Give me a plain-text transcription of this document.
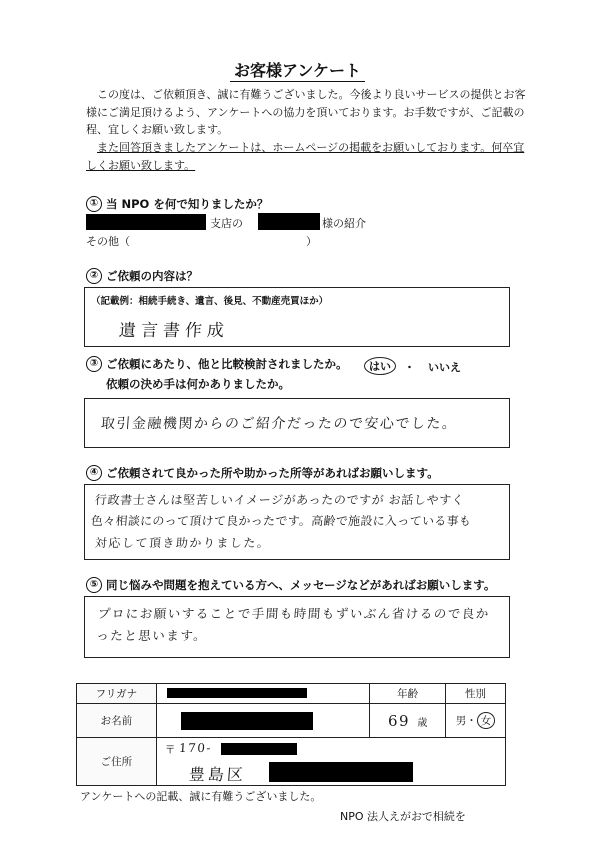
お客様アンケート

この度は、ご依頼頂き、誠に有難うございました。今後より良いサービスの提供とお客様にご満足頂けるよう、アンケートへの協力を頂いております。お手数ですが、ご記載の程、宜しくお願い致します。

また回答頂きましたアンケートは、ホームページの掲載をお願いしております。何卒宜しくお願い致します。

① 当 NPO を何で知りましたか？
支店の	様の紹介
その他（	）
② ご依頼の内容は？
（記載例：相続手続き、遺言、後見、不動産売買ほか）
遺言書作成
③ ご依頼にあたり、他と比較検討されましたか。	はい	・ いいえ
依頼の決め手は何かありましたか。
取引金融機関からのご紹介だったので安心でした。
④ ご依頼されて良かった所や助かった所等があればお願いします。
行政書士さんは堅苦しいイメージがあったのですが お話しやすく
色々相談にのって頂けて良かったです。高齢で施設に入っている事も
対応して頂き助かりました。
⑤ 同じ悩みや問題を抱えている方へ、メッセージなどがあればお願いします。
プロにお願いすることで手間も時間もずいぶん省けるので良かったと思います。
フリガナ		年齢	性別
お名前		69 歳	男・ 女
ご住所	〒 170-
豊島区		
アンケートへの記載、誠に有難うございました。
NPO 法人えがおで相続を
